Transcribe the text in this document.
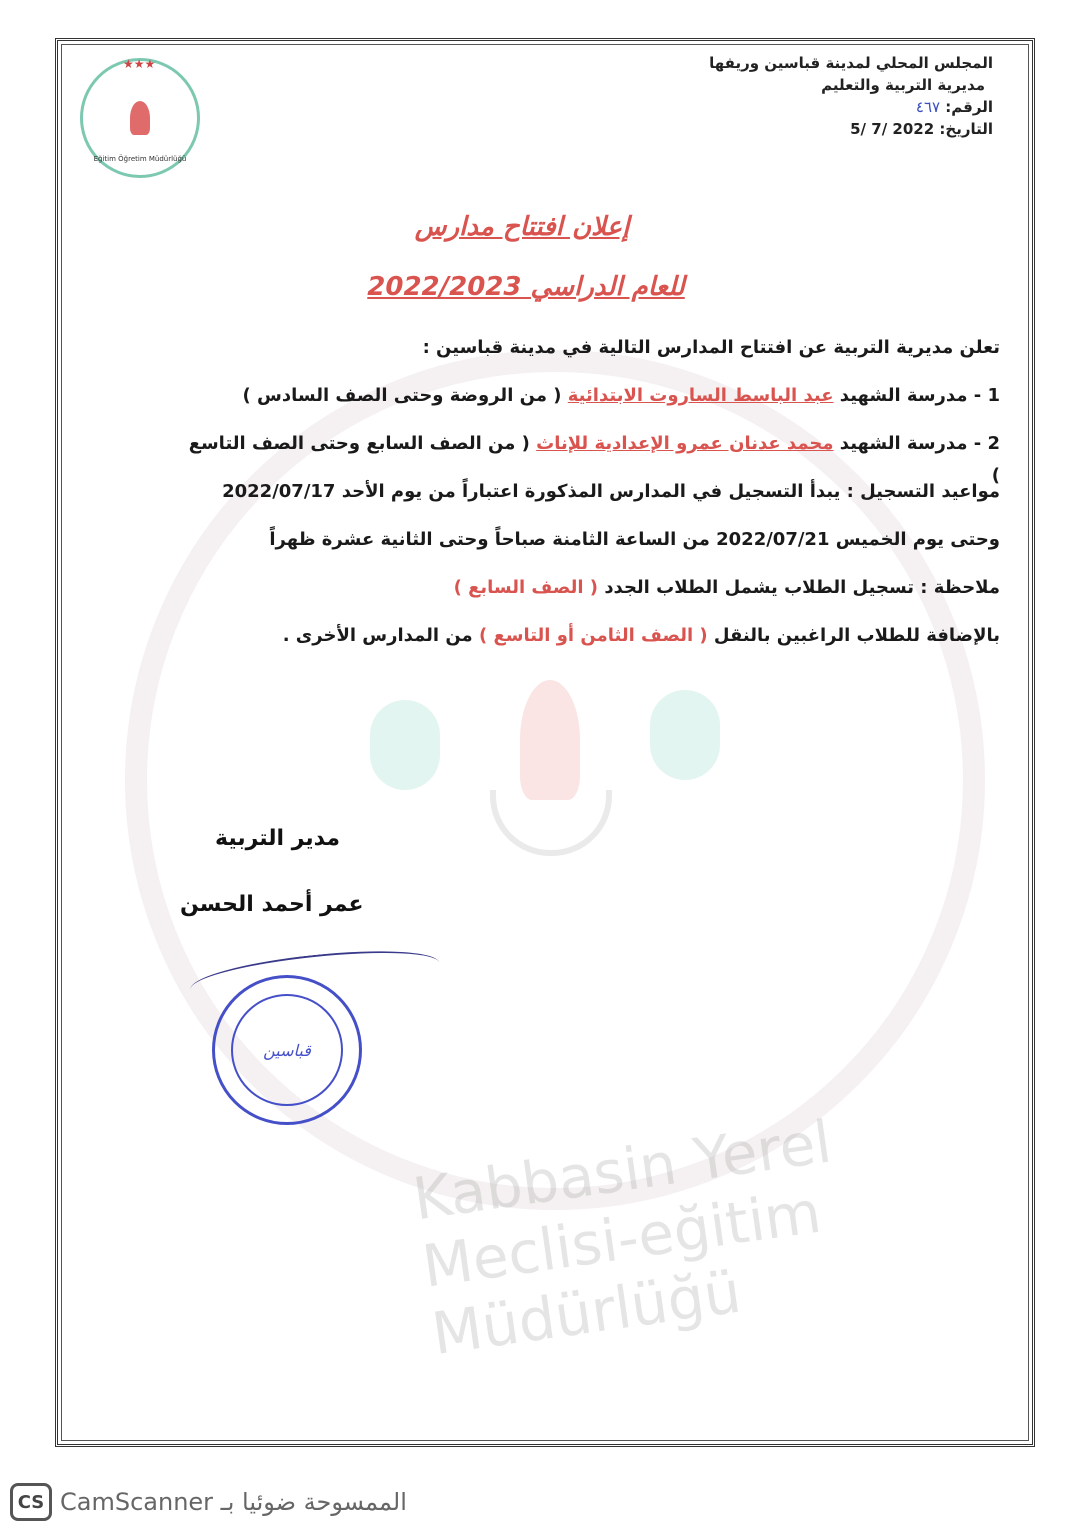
Kabbasin Yerel Meclisi-eğitim Müdürlüğü
★★★
Eğitim Öğretim Müdürlüğü
المجلس المحلي لمدينة قباسين وريفها
مديرية التربية والتعليم
الرقم: ٤٦٧
التاريخ: 5/ 7/ 2022
إعلان افتتاح مدارس
للعام الدراسي 2022/2023
تعلن مديرية التربية عن افتتاح المدارس التالية في مدينة قباسين :
1 - مدرسة الشهيد عبد الباسط الساروت الابتدائية ( من الروضة وحتى الصف السادس )
2 - مدرسة الشهيد محمد عدنان عمرو الإعدادية للإناث ( من الصف السابع وحتى الصف التاسع )
مواعيد التسجيل : يبدأ التسجيل في المدارس المذكورة اعتباراً من يوم الأحد 2022/07/17
وحتى يوم الخميس 2022/07/21 من الساعة الثامنة صباحاً وحتى الثانية عشرة ظهراً
ملاحظة : تسجيل الطلاب يشمل الطلاب الجدد ( الصف السابع )
بالإضافة للطلاب الراغبين بالنقل ( الصف الثامن أو التاسع ) من المدارس الأخرى .
مدير التربية
عمر أحمد الحسن
قباسين
CS الممسوحة ضوئيا بـ CamScanner
